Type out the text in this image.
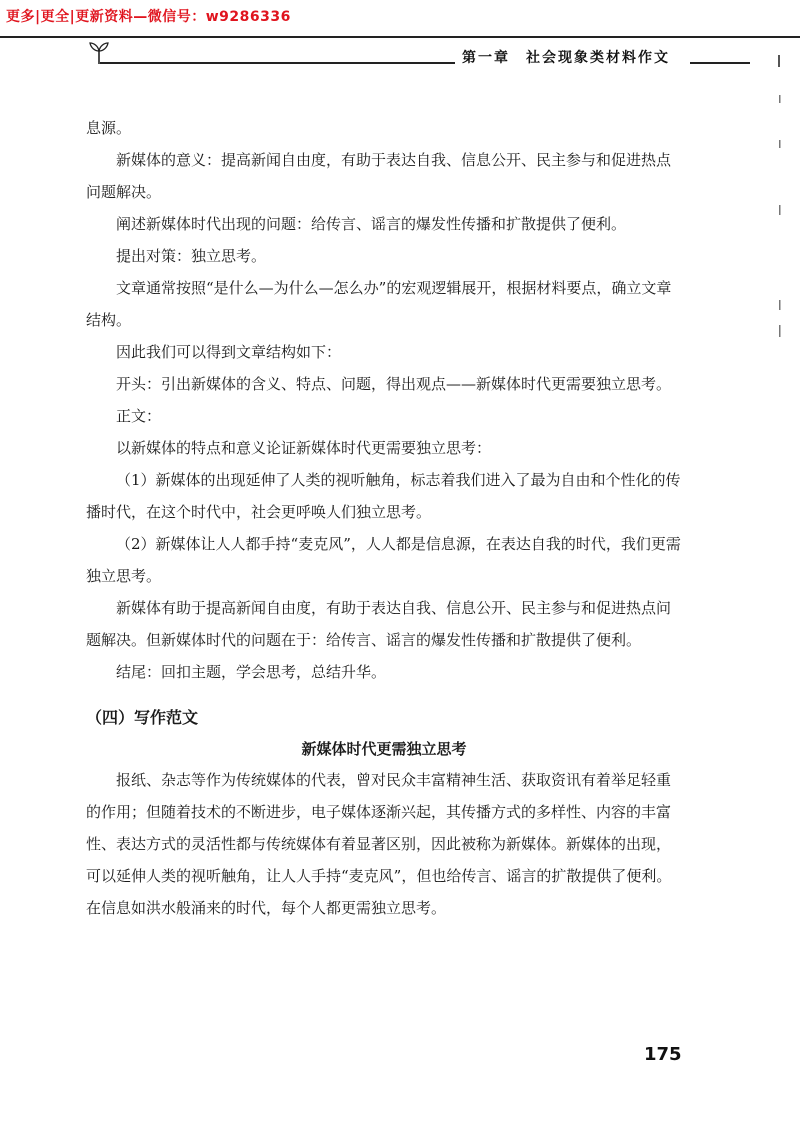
更多|更全|更新资料—微信号：w9286336
第一章　社会现象类材料作文

息源。

新媒体的意义：提高新闻自由度，有助于表达自我、信息公开、民主参与和促进热点问题解决。

阐述新媒体时代出现的问题：给传言、谣言的爆发性传播和扩散提供了便利。

提出对策：独立思考。

文章通常按照“是什么—为什么—怎么办”的宏观逻辑展开，根据材料要点，确立文章结构。

因此我们可以得到文章结构如下：

开头：引出新媒体的含义、特点、问题，得出观点——新媒体时代更需要独立思考。

正文：

以新媒体的特点和意义论证新媒体时代更需要独立思考：

（1）新媒体的出现延伸了人类的视听触角，标志着我们进入了最为自由和个性化的传播时代，在这个时代中，社会更呼唤人们独立思考。

（2）新媒体让人人都手持“麦克风”，人人都是信息源，在表达自我的时代，我们更需独立思考。

新媒体有助于提高新闻自由度，有助于表达自我、信息公开、民主参与和促进热点问题解决。但新媒体时代的问题在于：给传言、谣言的爆发性传播和扩散提供了便利。

结尾：回扣主题，学会思考，总结升华。

（四）写作范文

新媒体时代更需独立思考

报纸、杂志等作为传统媒体的代表，曾对民众丰富精神生活、获取资讯有着举足轻重的作用；但随着技术的不断进步，电子媒体逐渐兴起，其传播方式的多样性、内容的丰富性、表达方式的灵活性都与传统媒体有着显著区别，因此被称为新媒体。新媒体的出现，可以延伸人类的视听触角，让人人手持“麦克风”，但也给传言、谣言的扩散提供了便利。在信息如洪水般涌来的时代，每个人都更需独立思考。

175
